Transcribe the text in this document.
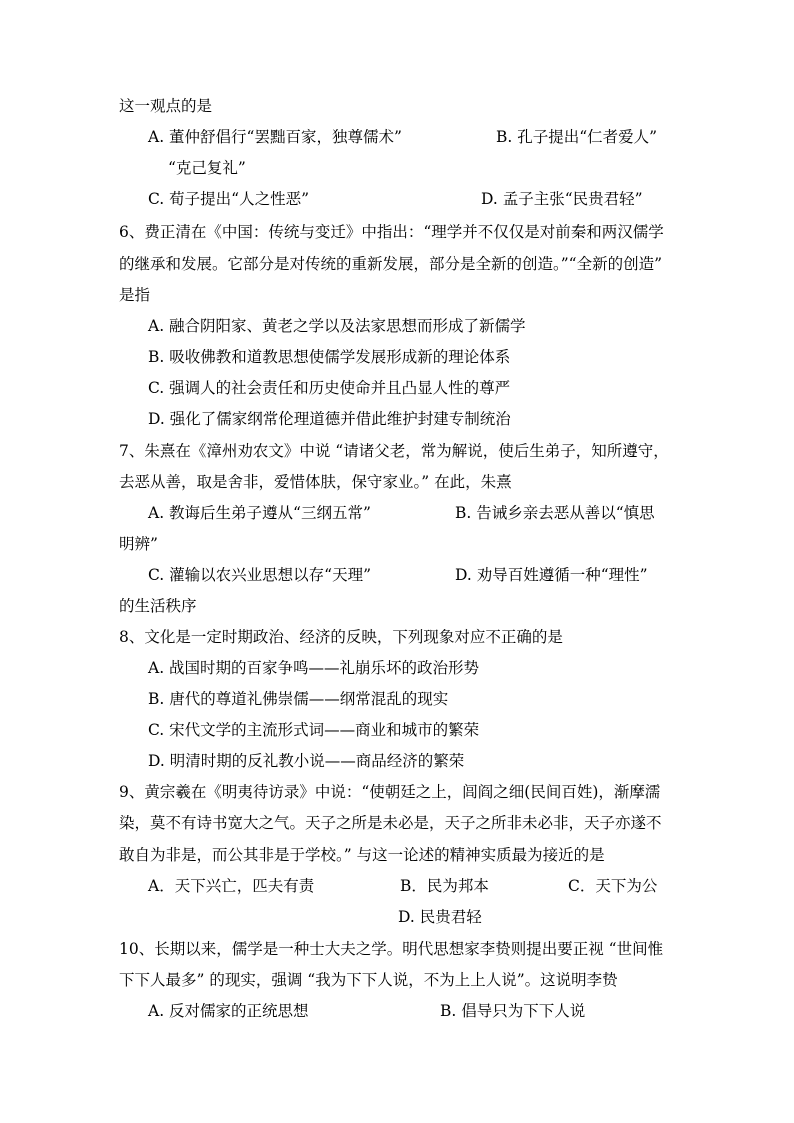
这一观点的是
A. 董仲舒倡行“罢黜百家，独尊儒术”	B. 孔子提出“仁者爱人”
“克己复礼”
C. 荀子提出“人之性恶”	D. 孟子主张“民贵君轻”
6、费正清在《中国：传统与变迁》中指出：“理学并不仅仅是对前秦和两汉儒学
的继承和发展。它部分是对传统的重新发展，部分是全新的创造。”“全新的创造”
是指
A. 融合阴阳家、黄老之学以及法家思想而形成了新儒学
B. 吸收佛教和道教思想使儒学发展形成新的理论体系
C. 强调人的社会责任和历史使命并且凸显人性的尊严
D. 强化了儒家纲常伦理道德并借此维护封建专制统治
7、朱熹在《漳州劝农文》中说 “请诸父老，常为解说，使后生弟子，知所遵守，
去恶从善，取是舍非，爱惜体肤，保守家业。” 在此，朱熹
A. 教诲后生弟子遵从“三纲五常”	B. 告诫乡亲去恶从善以“慎思
明辨”
C. 灌输以农兴业思想以存“天理”	D. 劝导百姓遵循一种“理性”
的生活秩序
8、文化是一定时期政治、经济的反映，下列现象对应不正确的是
A. 战国时期的百家争鸣——礼崩乐坏的政治形势
B. 唐代的尊道礼佛崇儒——纲常混乱的现实
C. 宋代文学的主流形式词——商业和城市的繁荣
D. 明清时期的反礼教小说——商品经济的繁荣
9、黄宗羲在《明夷待访录》中说：“使朝廷之上，闾阎之细(民间百姓)，渐摩濡
染，莫不有诗书宽大之气。天子之所是未必是，天子之所非未必非，天子亦遂不
敢自为非是，而公其非是于学校。” 与这一论述的精神实质最为接近的是
A．天下兴亡，匹夫有责	B．民为邦本	C．天下为公
D. 民贵君轻
10、长期以来，儒学是一种士大夫之学。明代思想家李贽则提出要正视 “世间惟
下下人最多” 的现实，强调 “我为下下人说，不为上上人说”。这说明李贽
A. 反对儒家的正统思想	B. 倡导只为下下人说
